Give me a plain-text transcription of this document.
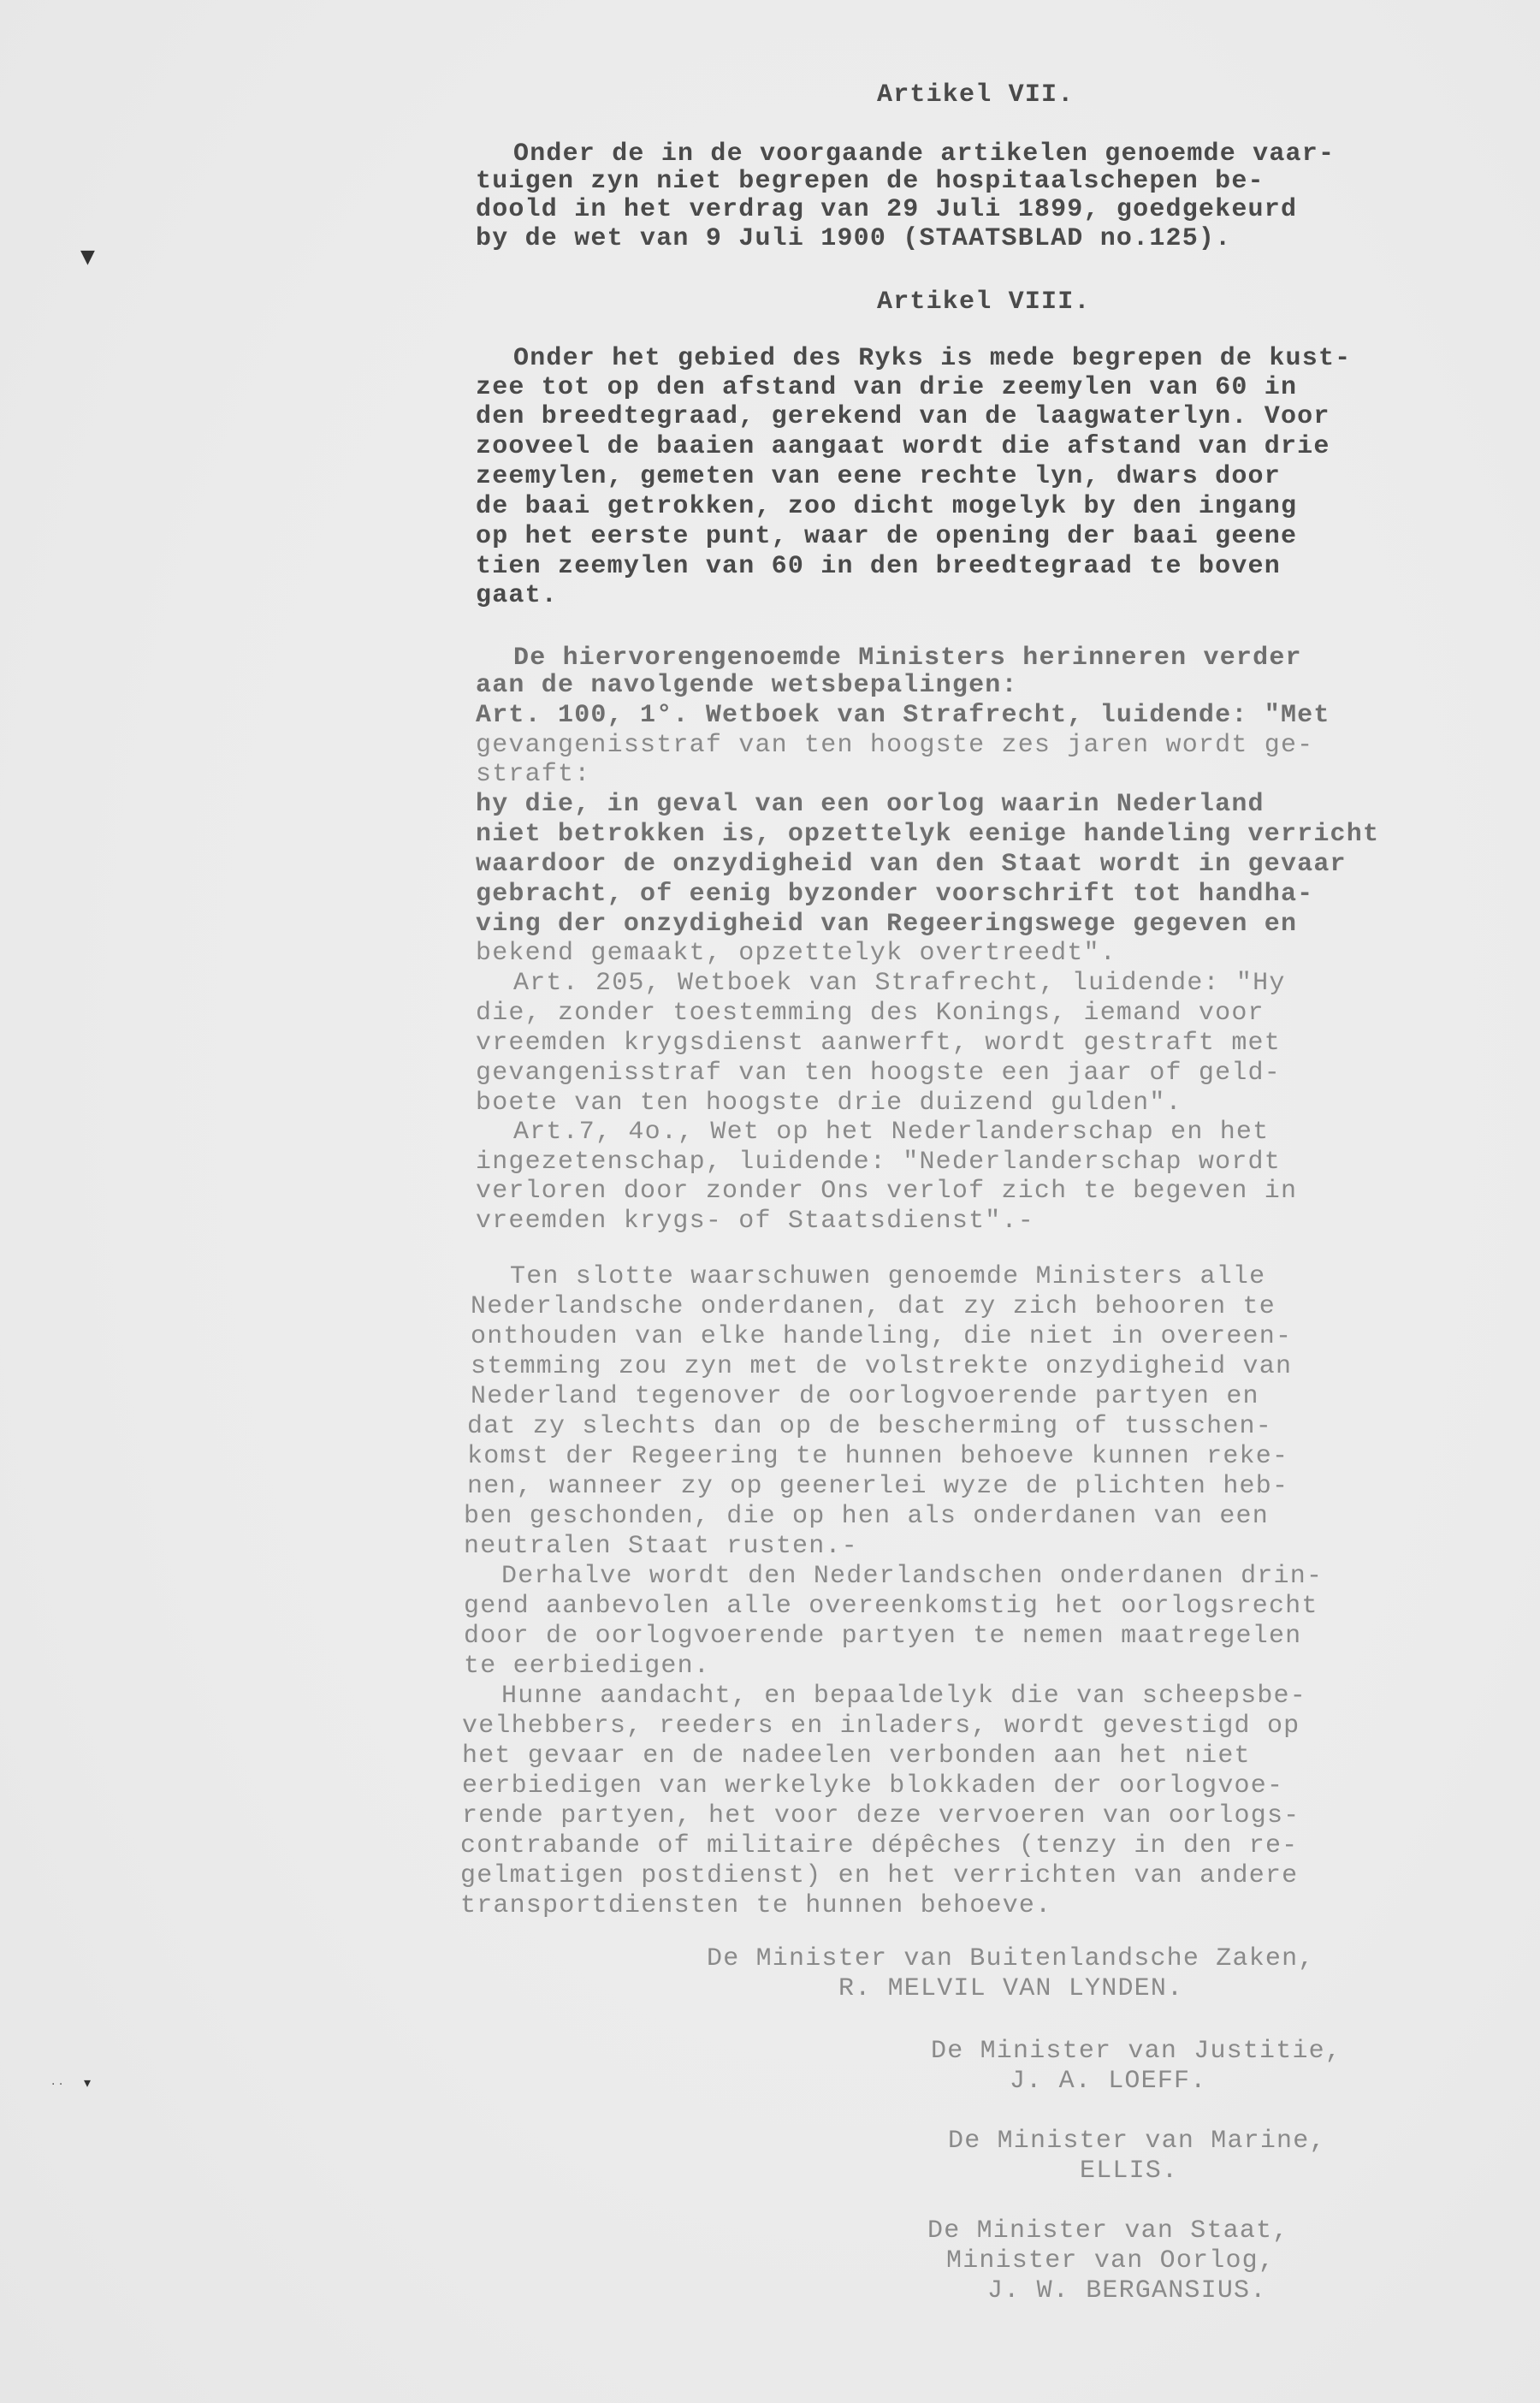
▼
· · ▾
Artikel VII.
Onder de in de voorgaande artikelen genoemde vaar-
tuigen zyn niet begrepen de hospitaalschepen be-
doold in het verdrag van 29 Juli 1899, goedgekeurd
by de wet van 9 Juli 1900 (STAATSBLAD no.125).
Artikel VIII.
Onder het gebied des Ryks is mede begrepen de kust-
zee tot op den afstand van drie zeemylen van 60 in
den breedtegraad, gerekend van de laagwaterlyn. Voor
zooveel de baaien aangaat wordt die afstand van drie
zeemylen, gemeten van eene rechte lyn, dwars door
de baai getrokken, zoo dicht mogelyk by den ingang
op het eerste punt, waar de opening der baai geene
tien zeemylen van 60 in den breedtegraad te boven
gaat.
De hiervorengenoemde Ministers herinneren verder
aan de navolgende wetsbepalingen:
Art. 100, 1°. Wetboek van Strafrecht, luidende: "Met
gevangenisstraf van ten hoogste zes jaren wordt ge-
straft:
hy die, in geval van een oorlog waarin Nederland
niet betrokken is, opzettelyk eenige handeling verricht
waardoor de onzydigheid van den Staat wordt in gevaar
gebracht, of eenig byzonder voorschrift tot handha-
ving der onzydigheid van Regeeringswege gegeven en
bekend gemaakt, opzettelyk overtreedt".
Art. 205, Wetboek van Strafrecht, luidende: "Hy
die, zonder toestemming des Konings, iemand voor
vreemden krygsdienst aanwerft, wordt gestraft met
gevangenisstraf van ten hoogste een jaar of geld-
boete van ten hoogste drie duizend gulden".
Art.7, 4o., Wet op het Nederlanderschap en het
ingezetenschap, luidende: "Nederlanderschap wordt
verloren door zonder Ons verlof zich te begeven in
vreemden krygs- of Staatsdienst".-
Ten slotte waarschuwen genoemde Ministers alle
Nederlandsche onderdanen, dat zy zich behooren te
onthouden van elke handeling, die niet in overeen-
stemming zou zyn met de volstrekte onzydigheid van
Nederland tegenover de oorlogvoerende partyen en
dat zy slechts dan op de bescherming of tusschen-
komst der Regeering te hunnen behoeve kunnen reke-
nen, wanneer zy op geenerlei wyze de plichten heb-
ben geschonden, die op hen als onderdanen van een
neutralen Staat rusten.-
Derhalve wordt den Nederlandschen onderdanen drin-
gend aanbevolen alle overeenkomstig het oorlogsrecht
door de oorlogvoerende partyen te nemen maatregelen
te eerbiedigen.
Hunne aandacht, en bepaaldelyk die van scheepsbe-
velhebbers, reeders en inladers, wordt gevestigd op
het gevaar en de nadeelen verbonden aan het niet
eerbiedigen van werkelyke blokkaden der oorlogvoe-
rende partyen, het voor deze vervoeren van oorlogs-
contrabande of militaire dépêches (tenzy in den re-
gelmatigen postdienst) en het verrichten van andere
transportdiensten te hunnen behoeve.
De Minister van Buitenlandsche Zaken,
R. MELVIL VAN LYNDEN.
De Minister van Justitie,
J. A. LOEFF.
De Minister van Marine,
ELLIS.
De Minister van Staat,
Minister van Oorlog,
J. W. BERGANSIUS.
